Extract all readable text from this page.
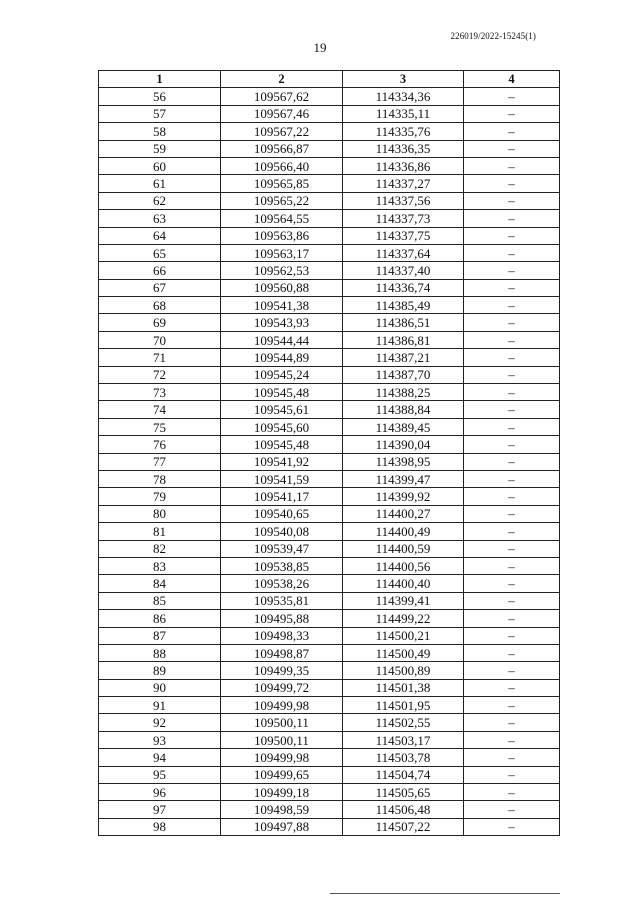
226019/2022-15245(1)
19
1	2	3	4
56	109567,62	114334,36	–
57	109567,46	114335,11	–
58	109567,22	114335,76	–
59	109566,87	114336,35	–
60	109566,40	114336,86	–
61	109565,85	114337,27	–
62	109565,22	114337,56	–
63	109564,55	114337,73	–
64	109563,86	114337,75	–
65	109563,17	114337,64	–
66	109562,53	114337,40	–
67	109560,88	114336,74	–
68	109541,38	114385,49	–
69	109543,93	114386,51	–
70	109544,44	114386,81	–
71	109544,89	114387,21	–
72	109545,24	114387,70	–
73	109545,48	114388,25	–
74	109545,61	114388,84	–
75	109545,60	114389,45	–
76	109545,48	114390,04	–
77	109541,92	114398,95	–
78	109541,59	114399,47	–
79	109541,17	114399,92	–
80	109540,65	114400,27	–
81	109540,08	114400,49	–
82	109539,47	114400,59	–
83	109538,85	114400,56	–
84	109538,26	114400,40	–
85	109535,81	114399,41	–
86	109495,88	114499,22	–
87	109498,33	114500,21	–
88	109498,87	114500,49	–
89	109499,35	114500,89	–
90	109499,72	114501,38	–
91	109499,98	114501,95	–
92	109500,11	114502,55	–
93	109500,11	114503,17	–
94	109499,98	114503,78	–
95	109499,65	114504,74	–
96	109499,18	114505,65	–
97	109498,59	114506,48	–
98	109497,88	114507,22	–
